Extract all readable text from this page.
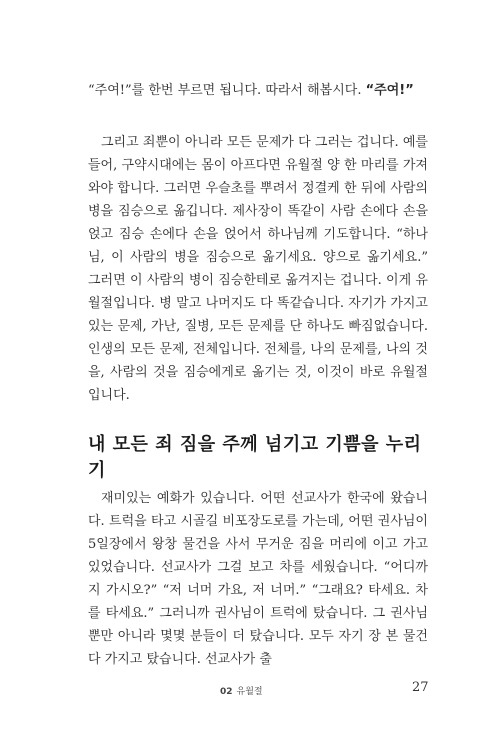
“주여!”를 한번 부르면 됩니다. 따라서 해봅시다. “주여!”

그리고 죄뿐이 아니라 모든 문제가 다 그러는 겁니다. 예를 들어, 구약시대에는 몸이 아프다면 유월절 양 한 마리를 가져와야 합니다. 그러면 우슬초를 뿌려서 정결케 한 뒤에 사람의 병을 짐승으로 옮깁니다. 제사장이 똑같이 사람 손에다 손을 얹고 짐승 손에다 손을 얹어서 하나님께 기도합니다. “하나님, 이 사람의 병을 짐승으로 옮기세요. 양으로 옮기세요.” 그러면 이 사람의 병이 짐승한테로 옮겨지는 겁니다. 이게 유월절입니다. 병 말고 나머지도 다 똑같습니다. 자기가 가지고 있는 문제, 가난, 질병, 모든 문제를 단 하나도 빠짐없습니다. 인생의 모든 문제, 전체입니다. 전체를, 나의 문제를, 나의 것을, 사람의 것을 짐승에게로 옮기는 것, 이것이 바로 유월절입니다.

내 모든 죄 짐을 주께 넘기고 기쁨을 누리기

재미있는 예화가 있습니다. 어떤 선교사가 한국에 왔습니다. 트럭을 타고 시골길 비포장도로를 가는데, 어떤 권사님이 5일장에서 왕창 물건을 사서 무거운 짐을 머리에 이고 가고 있었습니다. 선교사가 그걸 보고 차를 세웠습니다. “어디까지 가시오?” “저 너머 가요, 저 너머.” “그래요? 타세요. 차를 타세요.” 그러니까 권사님이 트럭에 탔습니다. 그 권사님뿐만 아니라 몇몇 분들이 더 탔습니다. 모두 자기 장 본 물건 다 가지고 탔습니다. 선교사가 출

02 유월절	27
